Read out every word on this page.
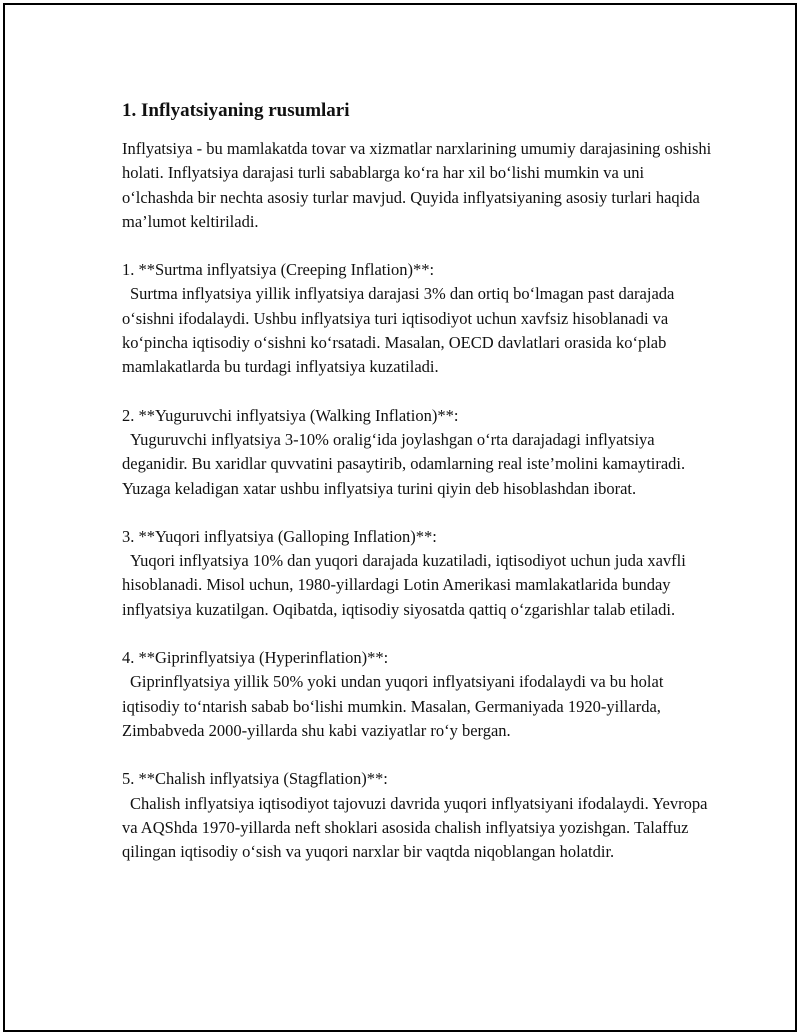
1. Inflyatsiyaning rusumlari

Inflyatsiya - bu mamlakatda tovar va xizmatlar narxlarining umumiy darajasining oshishi holati. Inflyatsiya darajasi turli sabablarga ko‘ra har xil bo‘lishi mumkin va uni o‘lchashda bir nechta asosiy turlar mavjud. Quyida inflyatsiyaning asosiy turlari haqida ma’lumot keltiriladi.

1. **Surtma inflyatsiya (Creeping Inflation)**:

Surtma inflyatsiya yillik inflyatsiya darajasi 3% dan ortiq bo‘lmagan past darajada o‘sishni ifodalaydi. Ushbu inflyatsiya turi iqtisodiyot uchun xavfsiz hisoblanadi va ko‘pincha iqtisodiy o‘sishni ko‘rsatadi. Masalan, OECD davlatlari orasida ko‘plab mamlakatlarda bu turdagi inflyatsiya kuzatiladi.

2. **Yuguruvchi inflyatsiya (Walking Inflation)**:

Yuguruvchi inflyatsiya 3-10% oralig‘ida joylashgan o‘rta darajadagi inflyatsiya deganidir. Bu xaridlar quvvatini pasaytirib, odamlarning real iste’molini kamaytiradi. Yuzaga keladigan xatar ushbu inflyatsiya turini qiyin deb hisoblashdan iborat.

3. **Yuqori inflyatsiya (Galloping Inflation)**:

Yuqori inflyatsiya 10% dan yuqori darajada kuzatiladi, iqtisodiyot uchun juda xavfli hisoblanadi. Misol uchun, 1980-yillardagi Lotin Amerikasi mamlakatlarida bunday inflyatsiya kuzatilgan. Oqibatda, iqtisodiy siyosatda qattiq o‘zgarishlar talab etiladi.

4. **Giprinflyatsiya (Hyperinflation)**:

Giprinflyatsiya yillik 50% yoki undan yuqori inflyatsiyani ifodalaydi va bu holat iqtisodiy to‘ntarish sabab bo‘lishi mumkin. Masalan, Germaniyada 1920-yillarda, Zimbabveda 2000-yillarda shu kabi vaziyatlar ro‘y bergan.

5. **Chalish inflyatsiya (Stagflation)**:

Chalish inflyatsiya iqtisodiyot tajovuzi davrida yuqori inflyatsiyani ifodalaydi. Yevropa va AQShda 1970-yillarda neft shoklari asosida chalish inflyatsiya yozishgan. Talaffuz qilingan iqtisodiy o‘sish va yuqori narxlar bir vaqtda niqoblangan holatdir.
